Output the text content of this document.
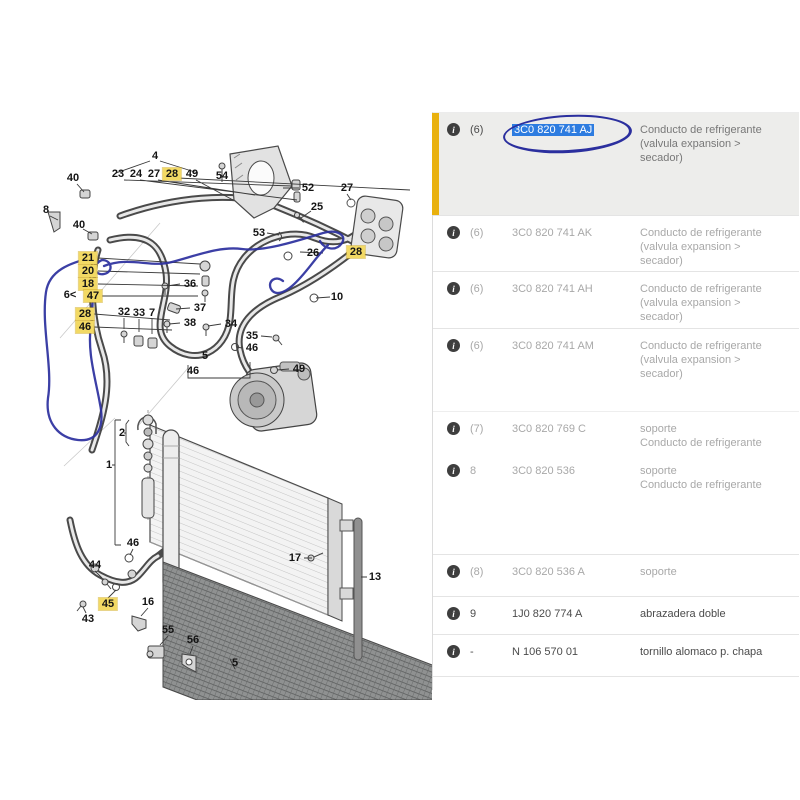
4
23 24 27 28 49 54
40
8
40
52 27
25
53
26	28
10
21
20
18
6< 47
28
46
36
37
38
32 33 7
34
35
46
49
5
46
2
1
46
44
45
43
16
55
56
5
17
13
i	(6)	3C0 820 741 AJ	Conducto de refrigerante
(valvula expansion >
secador)
i	(6)	3C0 820 741 AK	Conducto de refrigerante
(valvula expansion >
secador)
i	(6)	3C0 820 741 AH	Conducto de refrigerante
(valvula expansion >
secador)
i	(6)	3C0 820 741 AM	Conducto de refrigerante
(valvula expansion >
secador)
i	(7)	3C0 820 769 C	soporte
Conducto de refrigerante
i	8	3C0 820 536	soporte
Conducto de refrigerante
i	(8)	3C0 820 536 A	soporte
i	9	1J0 820 774 A	abrazadera doble
i	-	N 106 570 01	tornillo alomaco p. chapa
